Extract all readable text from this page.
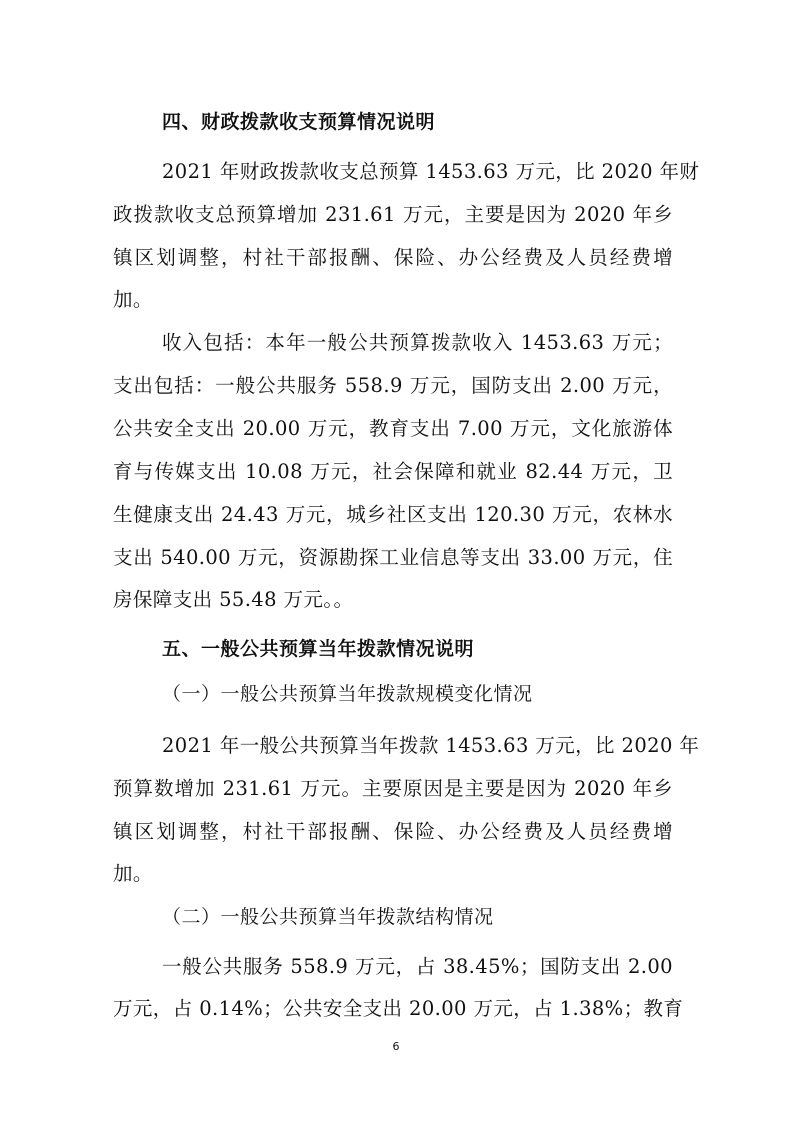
四、财政拨款收支预算情况说明
2021 年财政拨款收支总预算 1453.63 万元，比 2020 年财
政拨款收支总预算增加 231.61 万元，主要是因为 2020 年乡
镇区划调整，村社干部报酬、保险、办公经费及人员经费增
加。
收入包括：本年一般公共预算拨款收入 1453.63 万元；
支出包括：一般公共服务 558.9 万元，国防支出 2.00 万元，
公共安全支出 20.00 万元，教育支出 7.00 万元，文化旅游体
育与传媒支出 10.08 万元，社会保障和就业 82.44 万元，卫
生健康支出 24.43 万元，城乡社区支出 120.30 万元，农林水
支出 540.00 万元，资源勘探工业信息等支出 33.00 万元，住
房保障支出 55.48 万元。。
五、一般公共预算当年拨款情况说明
（一）一般公共预算当年拨款规模变化情况
2021 年一般公共预算当年拨款 1453.63 万元，比 2020 年
预算数增加 231.61 万元。主要原因是主要是因为 2020 年乡
镇区划调整，村社干部报酬、保险、办公经费及人员经费增
加。
（二）一般公共预算当年拨款结构情况
一般公共服务 558.9 万元，占 38.45%；国防支出 2.00
万元，占 0.14%；公共安全支出 20.00 万元，占 1.38%；教育
6
